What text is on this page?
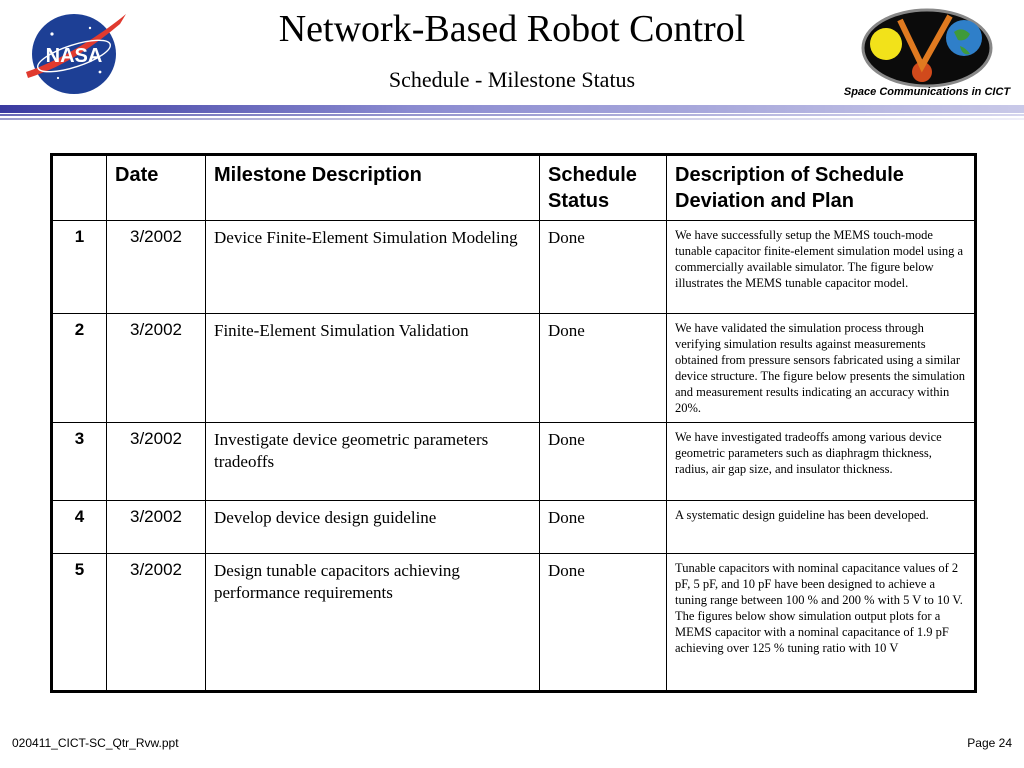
NASA
Network-Based Robot Control
Schedule - Milestone Status	Space Communications in CICT
	Date	Milestone Description	Schedule Status	Description of Schedule Deviation and Plan
1	3/2002	Device Finite-Element Simulation Modeling	Done	We have successfully setup the MEMS touch-mode tunable capacitor finite-element simulation model using a commercially available simulator. The figure below illustrates the MEMS tunable capacitor model.
2	3/2002	Finite-Element Simulation Validation	Done	We have validated the simulation process through verifying simulation results against measurements obtained from pressure sensors fabricated using a similar device structure. The figure below presents the simulation and measurement results indicating an accuracy within 20%.
3	3/2002	Investigate device geometric parameters tradeoffs	Done	We have investigated tradeoffs among various device geometric parameters such as diaphragm thickness, radius, air gap size, and insulator thickness.
4	3/2002	Develop device design guideline	Done	A systematic design guideline has been developed.
5	3/2002	Design tunable capacitors achieving performance requirements	Done	Tunable capacitors with nominal capacitance values of 2 pF, 5 pF, and 10 pF have been designed to achieve a tuning range between 100 % and 200 % with 5 V to 10 V. The figures below show simulation output plots for a MEMS capacitor with a nominal capacitance of 1.9 pF achieving over 125 % tuning ratio with 10 V
020411_CICT-SC_Qtr_Rvw.ppt	Page 24
